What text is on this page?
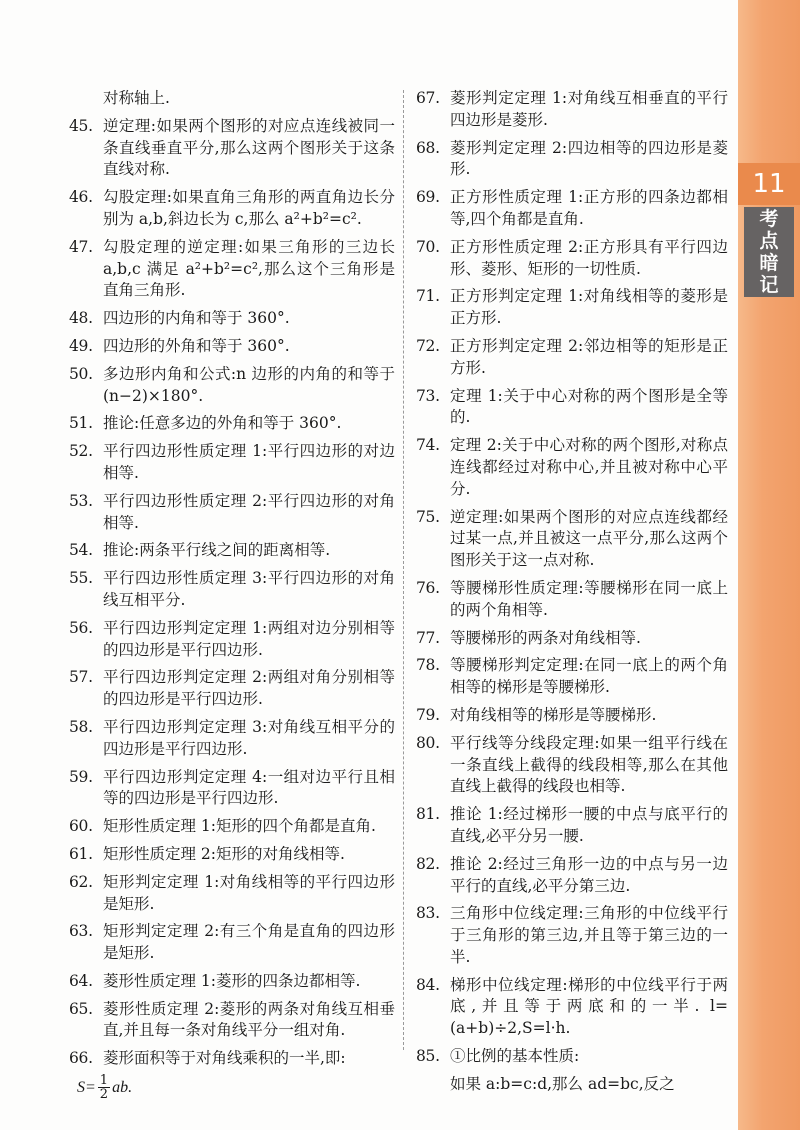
11
考
点
暗
记
对称轴上.
45. 逆定理:如果两个图形的对应点连线被同一条直线垂直平分,那么这两个图形关于这条直线对称.
46. 勾股定理:如果直角三角形的两直角边长分别为 a,b,斜边长为 c,那么 a²+b²=c².
47. 勾股定理的逆定理:如果三角形的三边长a,b,c 满足 a²+b²=c²,那么这个三角形是直角三角形.
48. 四边形的内角和等于 360°.
49. 四边形的外角和等于 360°.
50. 多边形内角和公式:n 边形的内角的和等于(n−2)×180°.
51. 推论:任意多边的外角和等于 360°.
52. 平行四边形性质定理 1:平行四边形的对边相等.
53. 平行四边形性质定理 2:平行四边形的对角相等.
54. 推论:两条平行线之间的距离相等.
55. 平行四边形性质定理 3:平行四边形的对角线互相平分.
56. 平行四边形判定定理 1:两组对边分别相等的四边形是平行四边形.
57. 平行四边形判定定理 2:两组对角分别相等的四边形是平行四边形.
58. 平行四边形判定定理 3:对角线互相平分的四边形是平行四边形.
59. 平行四边形判定定理 4:一组对边平行且相等的四边形是平行四边形.
60. 矩形性质定理 1:矩形的四个角都是直角.
61. 矩形性质定理 2:矩形的对角线相等.
62. 矩形判定定理 1:对角线相等的平行四边形是矩形.
63. 矩形判定定理 2:有三个角是直角的四边形是矩形.
64. 菱形性质定理 1:菱形的四条边都相等.
65. 菱形性质定理 2:菱形的两条对角线互相垂直,并且每一条对角线平分一组对角.
66. 菱形面积等于对角线乘积的一半,即:
$S= \frac{1}{2}$ ab.
67. 菱形判定定理 1:对角线互相垂直的平行四边形是菱形.
68. 菱形判定定理 2:四边相等的四边形是菱形.
69. 正方形性质定理 1:正方形的四条边都相等,四个角都是直角.
70. 正方形性质定理 2:正方形具有平行四边形、菱形、矩形的一切性质.
71. 正方形判定定理 1:对角线相等的菱形是正方形.
72. 正方形判定定理 2:邻边相等的矩形是正方形.
73. 定理 1:关于中心对称的两个图形是全等的.
74. 定理 2:关于中心对称的两个图形,对称点连线都经过对称中心,并且被对称中心平分.
75. 逆定理:如果两个图形的对应点连线都经过某一点,并且被这一点平分,那么这两个图形关于这一点对称.
76. 等腰梯形性质定理:等腰梯形在同一底上的两个角相等.
77. 等腰梯形的两条对角线相等.
78. 等腰梯形判定定理:在同一底上的两个角相等的梯形是等腰梯形.
79. 对角线相等的梯形是等腰梯形.
80. 平行线等分线段定理:如果一组平行线在一条直线上截得的线段相等,那么在其他直线上截得的线段也相等.
81. 推论 1:经过梯形一腰的中点与底平行的直线,必平分另一腰.
82. 推论 2:经过三角形一边的中点与另一边平行的直线,必平分第三边.
83. 三角形中位线定理:三角形的中位线平行于三角形的第三边,并且等于第三边的一半.
84. 梯形中位线定理:梯形的中位线平行于两底,并且等于两底和的一半. l=(a+b)÷2,S=l·h.
85. ①比例的基本性质:
如果 a:b=c:d,那么 ad=bc,反之
